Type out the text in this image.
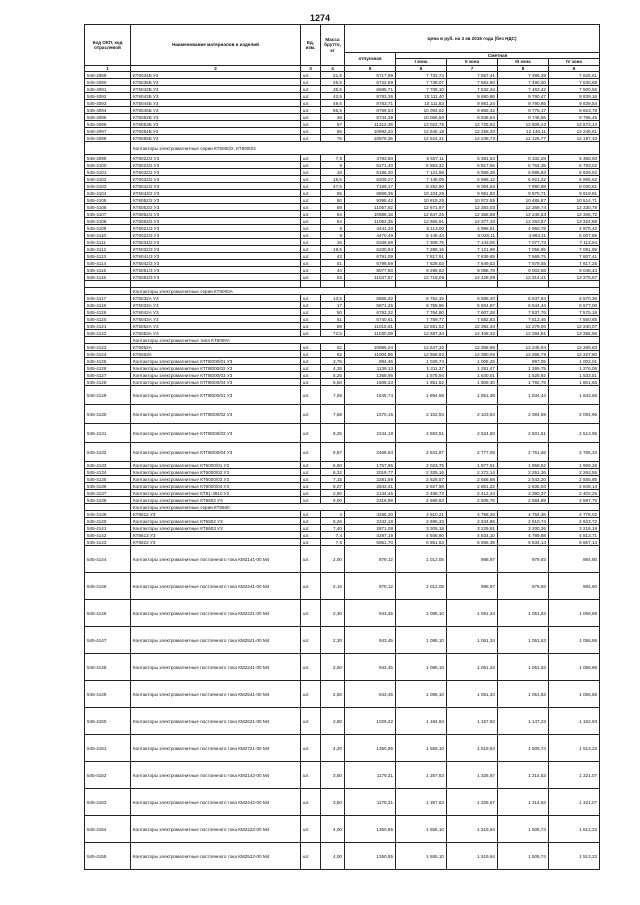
1274
Код ОКП, код отраслевой	Наименование материалов и изделий	Ед. изм.	Масса брутто, кг	Цена в руб. на 3 кв 2016 года (без НДС)				
				отпускная	Сметная			
					I зона	II зона	III зона	IV зона
1	2	3	4	5	6	7	8	9
545-4089	КТ6034Б У3	шт.	21,5	6717,99	7 733,74	7 557,41	7 486,29	7 625,51
545-4090	КТ6035Б У3	шт.	25,5	6722,59	7 739,07	7 562,50	7 490,40	7 530,68
545-4091	КТ6042Б У3	шт.	35,5	6685,71	7 708,10	7 532,34	7 463,42	7 500,56
545-4092	КТ6043Б У3	шт.	42,5	8783,36	10 111,40	9 880,86	9 790,47	9 839,16
545-4093	КТ6044Б У3	шт.	49,5	8783,71	10 111,83	9 881,24	9 790,85	9 839,54
545-4094	КТ6045Б У3	шт.	56,5	8769,64	10 093,62	9 865,42	9 775,17	9 823,78
545-4095	КТ6052Б У3	шт.	48	8744,39	10 066,50	9 836,54	9 746,56	9 795,45
545-4096	КТ6053Б У3	шт.	57	11312,36	13 022,76	12 725,82	12 609,43	12 672,14
545-4097	КТ6054Б У3	шт.	66	10692,23	12 545,18	12 258,20	12 146,11	12 246,51
545-4098	КТ6055Б У3	шт.	75	10879,35	12 524,31	12 238,73	12 126,77	12 187,10
	Контакторы электромагнитные серии КТ6000/2, КТ6000/3							
545-4099	КТ6022/2 У3	шт.	7,8	4783,60	5 507,11	5 381,53	5 332,28	5 358,93
545-4100	КТ6023/2 У3	шт.	9	5171,40	5 953,32	5 817,56	5 764,35	5 793,02
545-4101	КТ6032/2 У3	шт.	18	6186,30	7 121,68	6 959,28	6 895,63	6 929,92
545-4102	КТ6033/2 У3	шт.	19,5	6209,27	7 148,09	6 985,12	6 921,22	6 955,62
545-4103	КТ6042/2 У3	шт.	47,5	7169,17	8 252,90	8 064,63	7 990,88	8 030,61
545-4104	КТ6043/2 У3	шт.	55	8859,35	10 104,29	9 961,83	9 870,71	9 919,81
545-4105	КТ6052/2 У3	шт.	50	9398,42	10 819,25	10 572,55	10 485,87	10 514,71
545-4106	КТ6053/2 У3	шт.	59	11057,82	12 671,97	12 383,03	12 269,74	12 330,78
545-4107	КТ6062/2 У3	шт.	54	10986,18	12 647,25	12 358,88	12 245,83	12 306,72
545-4108	КТ6063/2 У3	шт.	64	11062,35	12 665,91	12 377,10	12 263,87	12 324,88
545-4109	КТ6021/3 У3	шт.	8	4441,33	5 113,00	4 996,51	4 950,78	4 975,42
545-4110	КТ6022/3 У3	шт.	9	4470,49	5 146,44	5 029,11	4 983,11	5 007,86
545-4111	КТ6031/3 У3	шт.	15	6349,66	7 309,75	7 143,05	7 077,73	7 112,94
545-4112	КТ6032/3 У3	шт.	19,5	6330,94	7 288,16	7 121,99	7 056,85	7 091,95
545-4113	КТ6041/3 У3	шт.	43	6791,09	7 817,91	7 639,65	7 569,75	7 607,41
545-4114	КТ6042/3 У3	шт.	51	6799,59	7 828,03	7 649,53	7 579,55	7 617,25
545-4115	КТ6051/3 У3	шт.	44	8077,50	9 298,63	9 086,78	9 003,68	9 048,44
545-4116	КТ6053/3 У3	шт.	63	11047,67	12 718,09	12 428,09	12 314,41	12 375,67

	Контакторы электромагнитные серии КТ6000А							
545-4117	КТ6032А У3	шт.	13,5	5865,32	6 752,15	6 598,20	6 537,84	6 570,36
545-4118	КТ6033А У3	шт.	17	5871,25	6 758,96	6 604,87	6 544,44	6 577,00
545-4119	КТ6042А У3	шт.	50	6782,32	7 764,80	7 607,28	7 537,76	7 575,18
545-4120	КТ6043А У3	шт.	61	6740,61	7 759,77	7 582,83	7 513,46	7 550,85
545-4121	КТ6052А У3	шт.	59	11015,61	12 681,52	12 392,34	12 279,00	12 340,07
545-4122	КТ6053А У3	шт.	72,5	11030,09	12 697,34	12 408,32	12 294,81	12 355,96
	Контакторы электромагнитные типа КТ6000А							
545-4123	КТ6062А	шт.	52	10986,24	12 647,32	12 358,96	12 245,94	12 306,83
545-4124	КТ6063А	шт.	62	11004,96	12 668,83	12 380,05	12 266,79	12 327,80
545-4125	Контакторы электромагнитные КТП6000/01 У3	шт.	3,75	894,46	1 029,74	1 006,26	997,05	1 002,01
545-4126	Контакторы электромагнитные КТП6000/02 У3	шт.	4,35	1139,13	1 311,37	1 281,47	1 269,75	1 276,06
545-4127	Контакторы электромагнитные КТП6000/03 У3	шт.	5,25	1368,95	1 575,94	1 540,01	1 525,92	1 533,51
545-4128	Контакторы электромагнитные КТП6000/04 У3	шт.	5,50	1608,33	1 851,52	1 809,30	1 792,75	1 801,66
545-4129	Контакторы электромагнитные КТП6000/01 У3	шт.	7,09	1645,74	1 894,58	1 851,38	1 834,44	1 843,56
545-4130	Контакторы электромагнитные КТП6000/02 У3	шт.	7,68	1570,16	2 102,93	2 103,84	2 084,59	2 094,96
545-4131	Контакторы электромагнитные КТП6000/03 У3	шт.	8,25	2244,19	2 583,51	2 524,60	2 501,51	2 513,95
545-4132	Контакторы электромагнитные КТП6000/04 У3	шт.	8,87	2468,64	2 841,87	2 777,08	2 751,66	2 765,34
545-4133	Контакторы электромагнитные КТ6000/01 У3	шт.	5,60	1757,95	2 023,75	1 977,61	1 959,52	1 969,26
545-4134	Контакторы электромагнитные КТ6000/02 У3	шт.	6,32	2019,77	2 325,16	2 272,14	2 251,36	2 262,55
545-4135	Контакторы электромагнитные КТ6000/03 У3	шт.	7,15	2281,59	2 626,57	2 566,68	2 543,20	2 555,85
545-4136	Контакторы электромагнитные КТ6000/04 У3	шт.	8,07	2543,41	2 927,98	2 861,22	2 835,04	2 849,14
545-4137	Контакторы электромагнитные КТ81-3810 У2	шт.	2,50	2144,45	2 468,73	2 412,44	2 390,37	2 402,25
545-4138	Контакторы электромагнитные КТ6602 У3	шт.	6,00	2318,99	2 669,63	2 608,76	2 584,89	2 597,75
	Контакторы электромагнитные серии КТ6600							
545-4139	КТ6612 У3	шт.	4	4265,30	4 910,21	4 798,26	4 754,36	4 778,02
545-4140	Контакторы электромагнитные КТ6602 У3	шт.	6,26	2342,18	2 696,33	2 634,85	2 610,74	2 623,72
545-4141	Контакторы электромагнитные КТ6603 У3	шт.	7,40	2871,08	3 305,18	3 229,81	3 200,26	3 216,18
545-4142	КТ6613 У3	шт.	7,4	4297,19	4 946,90	4 834,10	4 789,88	4 813,71
545-4143	КТ6622 У3	шт.	7,6	5951,70	6 851,63	6 695,39	6 634,14	6 667,14
545-4144	Контакторы электромагнитные постоянного тока КМ2141-00 М4	шт.	2,00	879,12	1 012,05	988,97	979,93	984,80
545-4145	Контакторы электромагнитные постоянного тока КМ2241-00 М4	шт.	2,15	879,12	1 012,05	988,97	979,93	984,80
545-4146	Контакторы электромагнитные постоянного тока КМ2221-00 М4	шт.	2,30	943,45	1 086,10	1 061,34	1 051,63	1 056,86
545-4147	Контакторы электромагнитные постоянного тока КМ2521-00 М4	шт.	2,30	943,45	1 086,10	1 061,34	1 051,63	1 056,86
545-4148	Контакторы электромагнитные постоянного тока КМ2241-00 М4	шт.	2,50	943,45	1 086,10	1 061,34	1 051,63	1 056,86
545-4149	Контакторы электромагнитные постоянного тока КМ2541-00 М4	шт.	2,50	943,45	1 086,10	1 061,34	1 051,63	1 056,86
545-4150	Контакторы электромагнитные постоянного тока КМ2621-00 М4	шт.	2,80	1029,22	1 184,84	1 157,82	1 147,23	1 152,93
545-4151	Контакторы электромагнитные постоянного тока КМ2721-00 М4	шт.	4,20	1350,85	1 555,10	1 519,64	1 505,74	1 513,23
545-4152	Контакторы электромагнитные постоянного тока КМ2142-00 М4	шт.	3,50	1179,31	1 357,63	1 326,67	1 314,53	1 321,07
545-4153	Контакторы электромагнитные постоянного тока КМ2442-00 М4	шт.	3,50	1179,31	1 357,63	1 326,67	1 314,53	1 321,07
545-4154	Контакторы электромагнитные постоянного тока КМ2222-00 М4	шт.	4,00	1350,85	1 555,10	1 519,64	1 505,74	1 513,23
545-4155	Контакторы электромагнитные постоянного тока КМ2522-00 М4	шт.	4,00	1350,85	1 555,10	1 519,64	1 505,74	1 513,23
